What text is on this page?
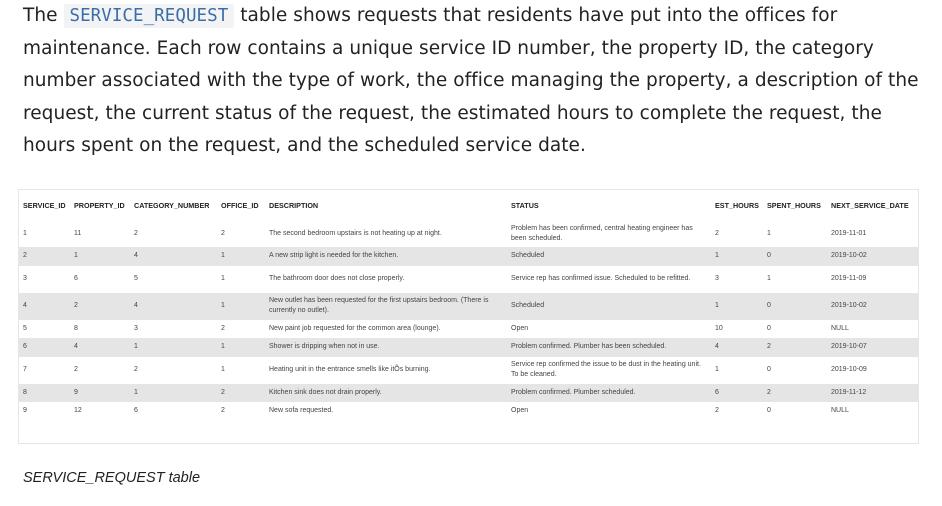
The SERVICE_REQUEST table shows requests that residents have put into the offices for maintenance. Each row contains a unique service ID number, the property ID, the category number associated with the type of work, the office managing the property, a description of the request, the current status of the request, the estimated hours to complete the request, the hours spent on the request, and the scheduled service date.

SERVICE_ID	PROPERTY_ID	CATEGORY_NUMBER	OFFICE_ID	DESCRIPTION	STATUS	EST_HOURS	SPENT_HOURS	NEXT_SERVICE_DATE
1	11	2	2	The second bedroom upstairs is not heating up at night.	Problem has been confirmed, central heating engineer has been scheduled.	2	1	2019-11-01
2	1	4	1	A new strip light is needed for the kitchen.	Scheduled	1	0	2019-10-02
3	6	5	1	The bathroom door does not close properly.	Service rep has confirmed issue. Scheduled to be refitted.	3	1	2019-11-09
4	2	4	1	New outlet has been requested for the first upstairs bedroom. (There is currently no outlet).	Scheduled	1	0	2019-10-02
5	8	3	2	New paint job requested for the common area (lounge).	Open	10	0	NULL
6	4	1	1	Shower is dripping when not in use.	Problem confirmed. Plumber has been scheduled.	4	2	2019-10-07
7	2	2	1	Heating unit in the entrance smells like itÕs burning.	Service rep confirmed the issue to be dust in the heating unit. To be cleaned.	1	0	2019-10-09
8	9	1	2	Kitchen sink does not drain properly.	Problem confirmed. Plumber scheduled.	6	2	2019-11-12
9	12	6	2	New sofa requested.	Open	2	0	NULL
SERVICE_REQUEST table
